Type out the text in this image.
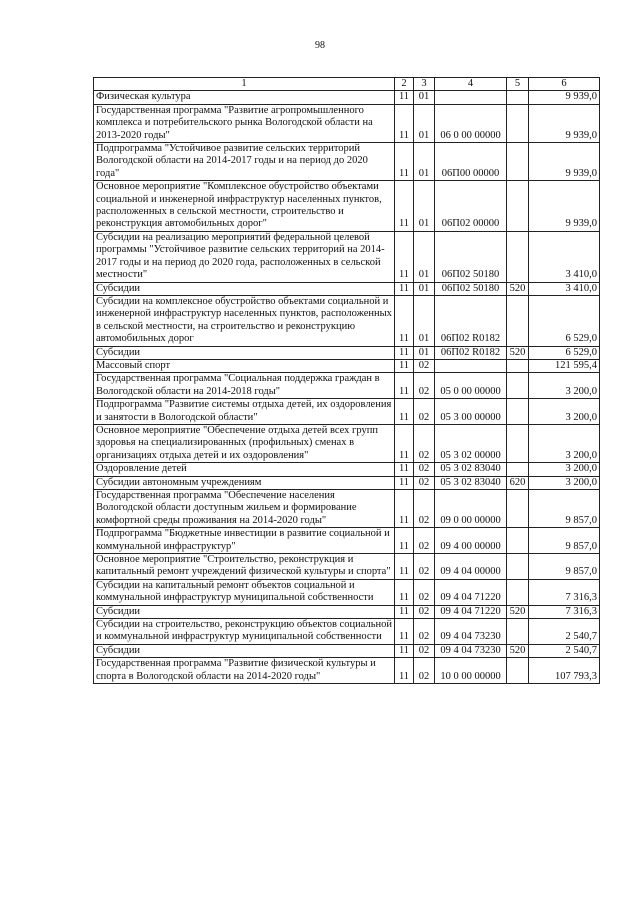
98
1	2	3	4	5	6
Физическая культура	11	01			9 939,0
Государственная программа "Развитие агропромышленного комплекса и потребительского рынка Вологодской области на 2013-2020 годы"	11	01	06 0 00 00000		9 939,0
Подпрограмма "Устойчивое развитие сельских территорий Вологодской области на 2014-2017 годы и на период до 2020 года"	11	01	06П00 00000		9 939,0
Основное мероприятие "Комплексное обустройство объектами социальной и инженерной инфраструктур населенных пунктов, расположенных в сельской местности, строительство и реконструкция автомобильных дорог"	11	01	06П02 00000		9 939,0
Субсидии на реализацию мероприятий федеральной целевой программы "Устойчивое развитие сельских территорий на 2014-2017 годы и на период до 2020 года, расположенных в сельской местности"	11	01	06П02 50180		3 410,0
Субсидии	11	01	06П02 50180	520	3 410,0
Субсидии на комплексное обустройство объектами социальной и инженерной инфраструктур населенных пунктов, расположенных в сельской местности, на строительство и реконструкцию автомобильных дорог	11	01	06П02 R0182		6 529,0
Субсидии	11	01	06П02 R0182	520	6 529,0
Массовый спорт	11	02			121 595,4
Государственная программа "Социальная поддержка граждан в Вологодской области на 2014-2018 годы"	11	02	05 0 00 00000		3 200,0
Подпрограмма "Развитие системы отдыха детей, их оздоровления и занятости в Вологодской области"	11	02	05 3 00 00000		3 200,0
Основное мероприятие "Обеспечение отдыха детей всех групп здоровья на специализированных (профильных) сменах в организациях отдыха детей и их оздоровления"	11	02	05 3 02 00000		3 200,0
Оздоровление детей	11	02	05 3 02 83040		3 200,0
Субсидии автономным учреждениям	11	02	05 3 02 83040	620	3 200,0
Государственная программа "Обеспечение населения Вологодской области доступным жильем и формирование комфортной среды проживания на 2014-2020 годы"	11	02	09 0 00 00000		9 857,0
Подпрограмма "Бюджетные инвестиции в развитие социальной и коммунальной инфраструктур"	11	02	09 4 00 00000		9 857,0
Основное мероприятие "Строительство, реконструкция и капитальный ремонт учреждений физической культуры и спорта"	11	02	09 4 04 00000		9 857,0
Субсидии на капитальный ремонт объектов социальной и коммунальной инфраструктур муниципальной собственности	11	02	09 4 04 71220		7 316,3
Субсидии	11	02	09 4 04 71220	520	7 316,3
Субсидии на строительство, реконструкцию объектов социальной и коммунальной инфраструктур муниципальной собственности	11	02	09 4 04 73230		2 540,7
Субсидии	11	02	09 4 04 73230	520	2 540,7
Государственная программа "Развитие физической культуры и спорта в Вологодской области на 2014-2020 годы"	11	02	10 0 00 00000		107 793,3
